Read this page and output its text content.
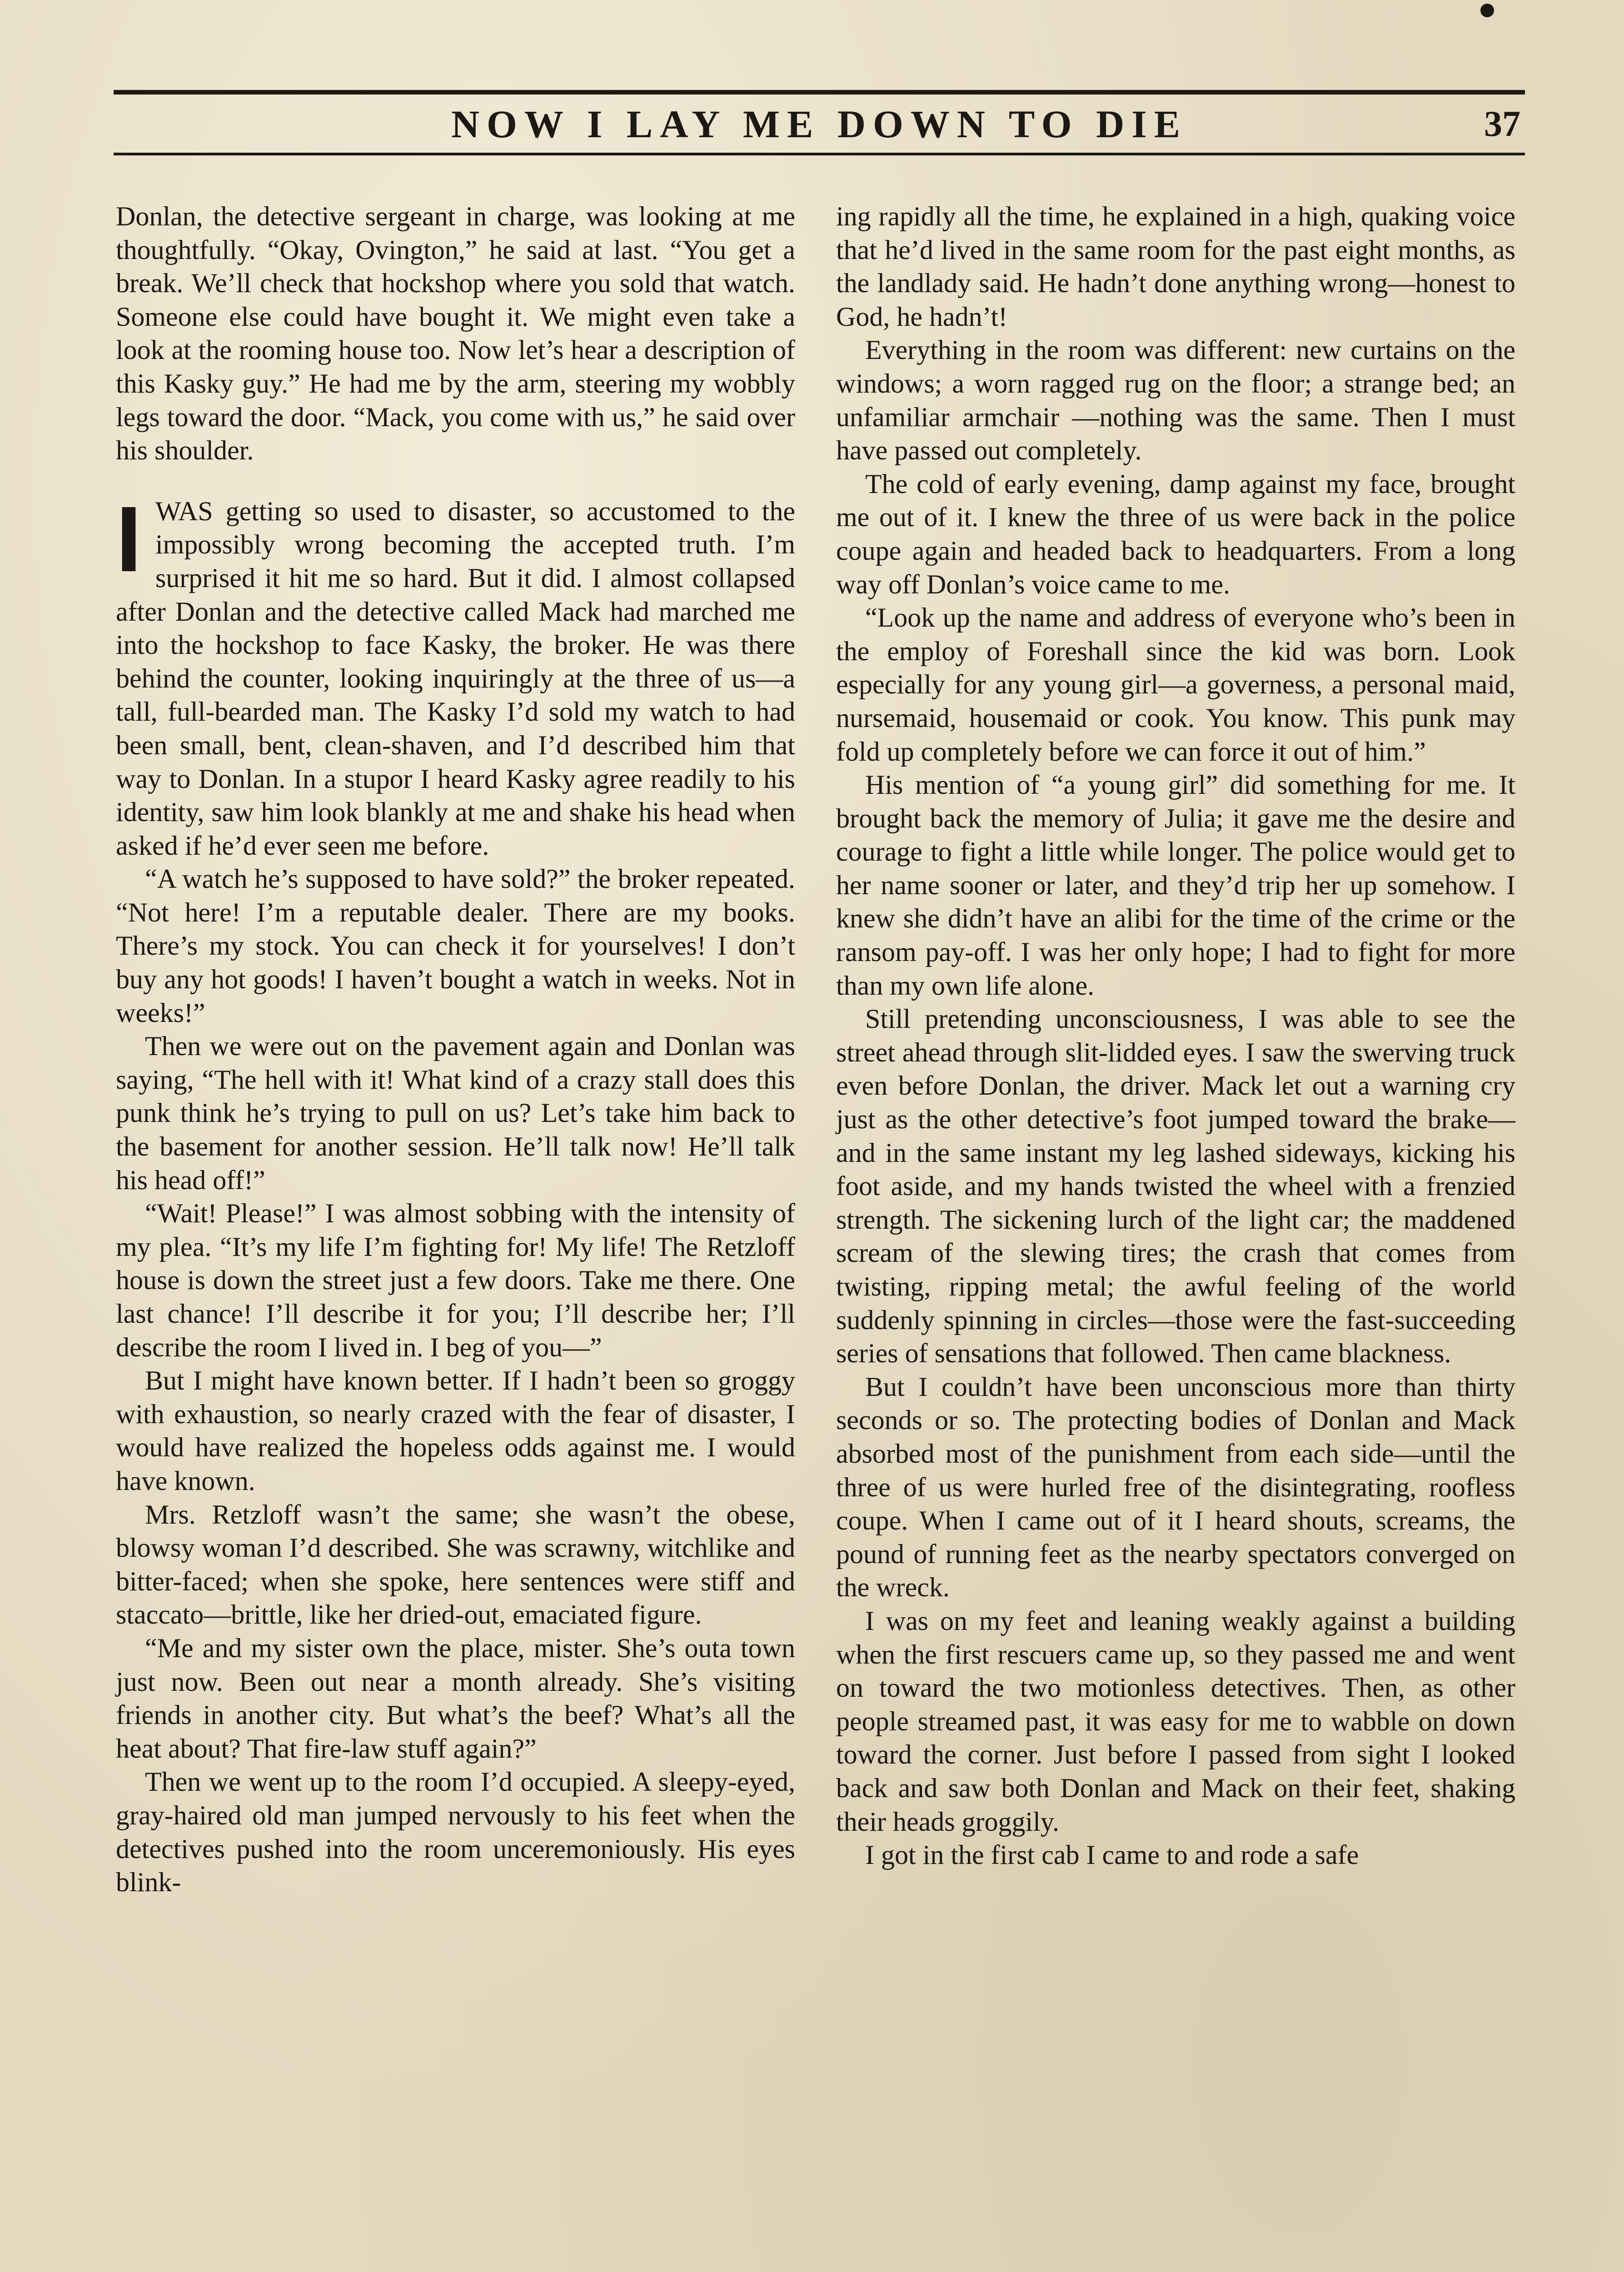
NOW I LAY ME DOWN TO DIE	37

Donlan, the detective sergeant in charge, was looking at me thoughtfully. “Okay, Ovington,” he said at last. “You get a break. We’ll check that hockshop where you sold that watch. Someone else could have bought it. We might even take a look at the rooming house too. Now let’s hear a description of this Kasky guy.” He had me by the arm, steering my wobbly legs toward the door. “Mack, you come with us,” he said over his shoulder.

IWAS getting so used to disaster, so accustomed to the impossibly wrong becoming the accepted truth. I’m surprised it hit me so hard. But it did. I almost collapsed after Donlan and the detective called Mack had marched me into the hockshop to face Kasky, the broker. He was there behind the counter, looking inquiringly at the three of us—a tall, full-bearded man. The Kasky I’d sold my watch to had been small, bent, clean-shaven, and I’d described him that way to Donlan. In a stupor I heard Kasky agree readily to his identity, saw him look blankly at me and shake his head when asked if he’d ever seen me before.

“A watch he’s supposed to have sold?” the broker repeated. “Not here! I’m a reputable dealer. There are my books. There’s my stock. You can check it for yourselves! I don’t buy any hot goods! I haven’t bought a watch in weeks. Not in weeks!”

Then we were out on the pavement again and Donlan was saying, “The hell with it! What kind of a crazy stall does this punk think he’s trying to pull on us? Let’s take him back to the basement for another session. He’ll talk now! He’ll talk his head off!”

“Wait! Please!” I was almost sobbing with the intensity of my plea. “It’s my life I’m fighting for! My life! The Retzloff house is down the street just a few doors. Take me there. One last chance! I’ll describe it for you; I’ll describe her; I’ll describe the room I lived in. I beg of you—”

But I might have known better. If I hadn’t been so groggy with exhaustion, so nearly crazed with the fear of disaster, I would have realized the hopeless odds against me. I would have known.

Mrs. Retzloff wasn’t the same; she wasn’t the obese, blowsy woman I’d described. She was scrawny, witchlike and bitter-faced; when she spoke, here sentences were stiff and staccato—brittle, like her dried-out, emaciated figure.

“Me and my sister own the place, mister. She’s outa town just now. Been out near a month already. She’s visiting friends in another city. But what’s the beef? What’s all the heat about? That fire-law stuff again?”

Then we went up to the room I’d occupied. A sleepy-eyed, gray-haired old man jumped nervously to his feet when the detectives pushed into the room unceremoniously. His eyes blink-

ing rapidly all the time, he explained in a high, quaking voice that he’d lived in the same room for the past eight months, as the landlady said. He hadn’t done anything wrong—honest to God, he hadn’t!

Everything in the room was different: new curtains on the windows; a worn ragged rug on the floor; a strange bed; an unfamiliar armchair —nothing was the same. Then I must have passed out completely.

The cold of early evening, damp against my face, brought me out of it. I knew the three of us were back in the police coupe again and headed back to headquarters. From a long way off Donlan’s voice came to me.

“Look up the name and address of everyone who’s been in the employ of Foreshall since the kid was born. Look especially for any young girl—a governess, a personal maid, nursemaid, housemaid or cook. You know. This punk may fold up completely before we can force it out of him.”

His mention of “a young girl” did something for me. It brought back the memory of Julia; it gave me the desire and courage to fight a little while longer. The police would get to her name sooner or later, and they’d trip her up somehow. I knew she didn’t have an alibi for the time of the crime or the ransom pay-off. I was her only hope; I had to fight for more than my own life alone.

Still pretending unconsciousness, I was able to see the street ahead through slit-lidded eyes. I saw the swerving truck even before Donlan, the driver. Mack let out a warning cry just as the other detective’s foot jumped toward the brake—and in the same instant my leg lashed sideways, kicking his foot aside, and my hands twisted the wheel with a frenzied strength. The sickening lurch of the light car; the maddened scream of the slewing tires; the crash that comes from twisting, ripping metal; the awful feeling of the world suddenly spinning in circles—those were the fast-succeeding series of sensations that followed. Then came blackness.

But I couldn’t have been unconscious more than thirty seconds or so. The protecting bodies of Donlan and Mack absorbed most of the punishment from each side—until the three of us were hurled free of the disintegrating, roofless coupe. When I came out of it I heard shouts, screams, the pound of running feet as the nearby spectators converged on the wreck.

I was on my feet and leaning weakly against a building when the first rescuers came up, so they passed me and went on toward the two motionless detectives. Then, as other people streamed past, it was easy for me to wabble on down toward the corner. Just before I passed from sight I looked back and saw both Donlan and Mack on their feet, shaking their heads groggily.

I got in the first cab I came to and rode a safe
